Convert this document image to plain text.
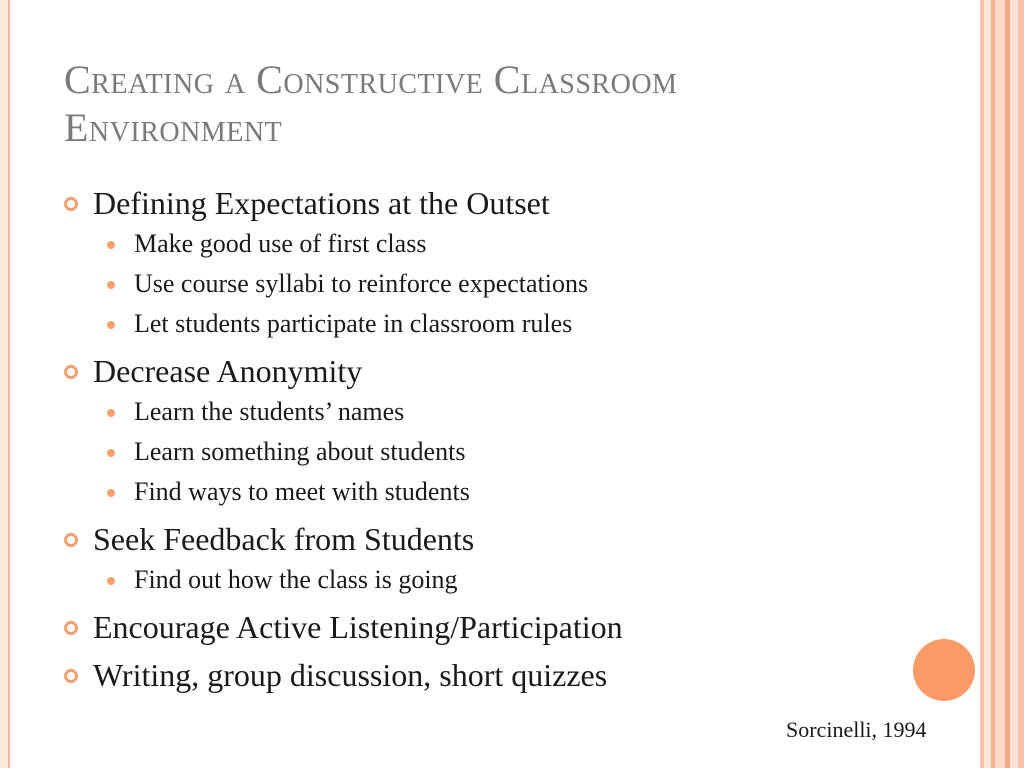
Creating a Constructive Classroom
Environment
Defining Expectations at the Outset
Make good use of first class
Use course syllabi to reinforce expectations
Let students participate in classroom rules
Decrease Anonymity
Learn the students’ names
Learn something about students
Find ways to meet with students
Seek Feedback from Students
Find out how the class is going
Encourage Active Listening/Participation
Writing, group discussion, short quizzes
Sorcinelli, 1994
